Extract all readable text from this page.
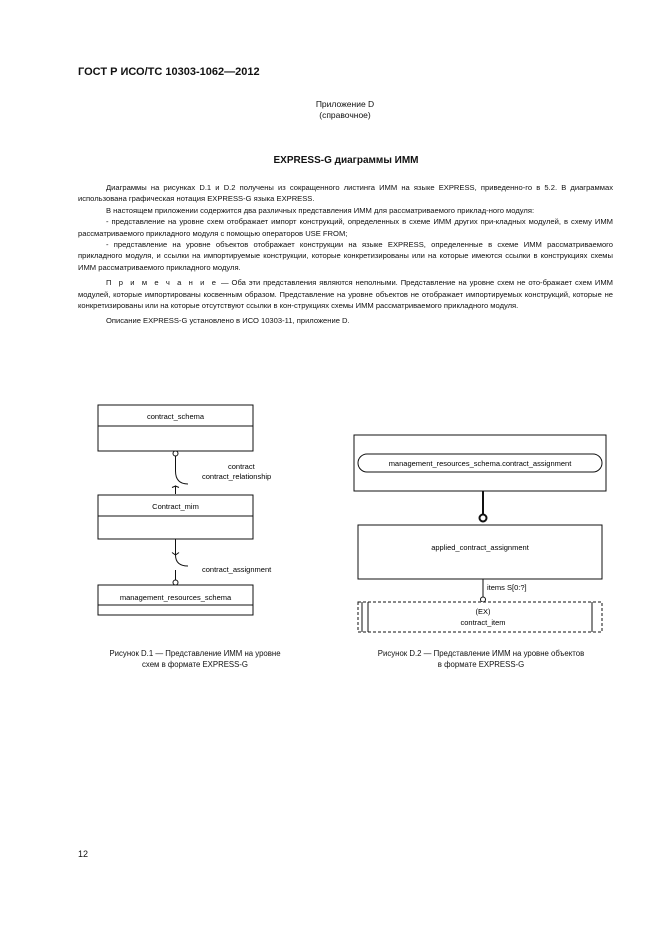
ГОСТ Р ИСО/ТС 10303-1062—2012
Приложение D
(справочное)
EXPRESS-G диаграммы ИММ

Диаграммы на рисунках D.1 и D.2 получены из сокращенного листинга ИММ на языке EXPRESS, приведенно-го в 5.2. В диаграммах использована графическая нотация EXPRESS-G языка EXPRESS.

В настоящем приложении содержится два различных представления ИММ для рассматриваемого приклад-ного модуля:

- представление на уровне схем отображает импорт конструкций, определенных в схеме ИММ других при-кладных модулей, в схему ИММ рассматриваемого прикладного модуля с помощью операторов USE FROM;

- представление на уровне объектов отображает конструкции на языке EXPRESS, определенные в схеме ИММ рассматриваемого прикладного модуля, и ссылки на импортируемые конструкции, которые конкретизированы или на которые имеются ссылки в конструкциях схемы ИММ рассматриваемого прикладного модуля.

П р и м е ч а н и е — Оба эти представления являются неполными. Представление на уровне схем не ото-бражает схем ИММ модулей, которые импортированы косвенным образом. Представление на уровне объектов не отображает импортируемых конструкций, которые не конкретизированы или на которые отсутствуют ссылки в кон-струкциях схемы ИММ рассматриваемого прикладного модуля.

Описание EXPRESS-G установлено в ИСО 10303-11, приложение D.

contract_schema
contract
contract_relationship
Contract_mim
contract_assignment
management_resources_schema
Рисунок D.1 — Представление ИММ на уровне
схем в формате EXPRESS-G
management_resources_schema.contract_assignment
applied_contract_assignment
items S[0:?]
(EX)
contract_item
Рисунок D.2 — Представление ИММ на уровне объектов
в формате EXPRESS-G
12
